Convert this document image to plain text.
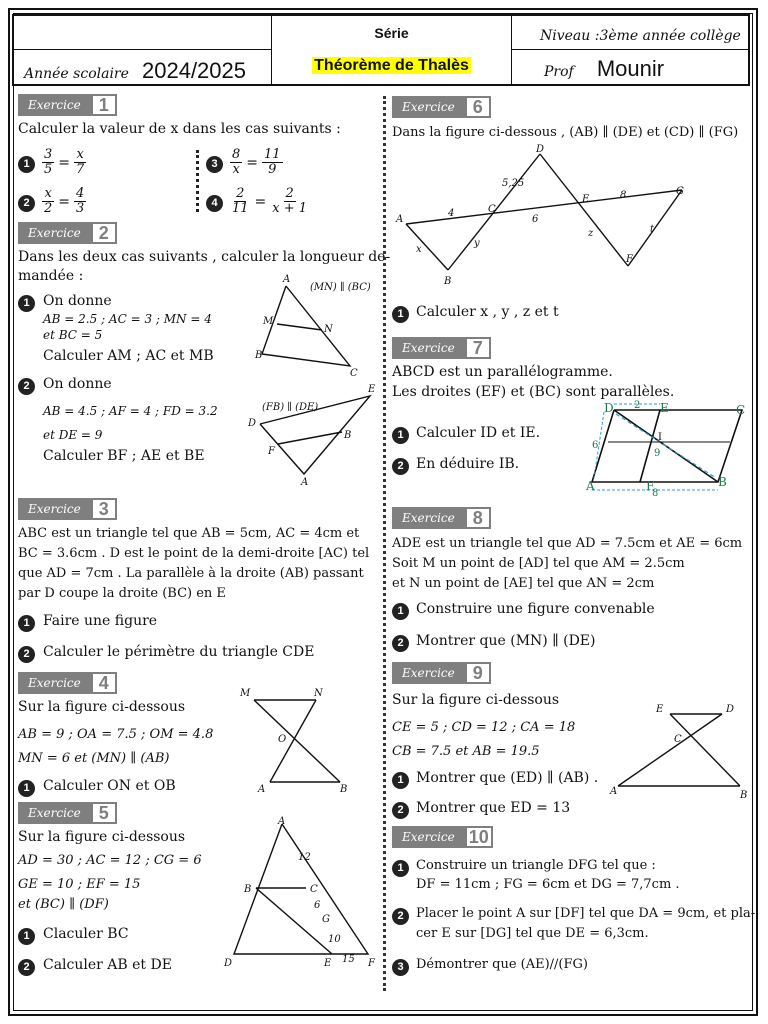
Année scolaire 2024/2025
Série
Théorème de Thalès
Niveau :3ème année collège
Prof Mounir
Exercice 1
Calculer la valeur de x dans les cas suivants :
$1 \frac{3}{5} = \frac{x}{7}$
$2 \frac{x}{2} = \frac{4}{3}$
$3 \frac{8}{x} = \frac{11}{9}$
$4 \frac{2}{11} = \frac{2}{x + 1}$
Exercice 2
Dans les deux cas suivants , calculer la longueur de-
mandée :
1 On donne
AB = 2.5 ; AC = 3 ; MN = 4
et BC = 5
Calculer AM ; AC et MB
2 On donne
AB = 4.5 ; AF = 4 ; FD = 3.2
et DE = 9
Calculer BF ; AE et BE
A
B
C
M
N
(MN) ∥ (BC)
D
E
F
B
A
(FB) ∥ (DE)
Exercice 3
ABC est un triangle tel que AB = 5cm, AC = 4cm et
BC = 3.6cm . D est le point de la demi-droite [AC) tel
que AD = 7cm . La parallèle à la droite (AB) passant
par D coupe la droite (BC) en E
1 Faire une figure
2 Calculer le périmètre du triangle CDE
Exercice 4
Sur la figure ci-dessous
AB = 9 ; OA = 7.5 ; OM = 4.8
MN = 6 et (MN) ∥ (AB)
1 Calculer ON et OB
M	N
O
A	B
Exercice 5
Sur la figure ci-dessous
AD = 30 ; AC = 12 ; CG = 6
GE = 10 ; EF = 15
et (BC) ∥ (DF)
1 Claculer BC
2 Calculer AB et DE
A
B	C
D	E	F
G
12
6
10
15
Exercice 6
Dans la figure ci-dessous , (AB) ∥ (DE) et (CD) ∥ (FG)
A
B
C
D
E
F
G
x
y
z	t
5,25
4
6
8
1 Calculer x , y , z et t
Exercice 7
ABCD est un parallélogramme.
Les droites (EF) et (BC) sont parallèles.
1 Calculer ID et IE.
2 En déduire IB.
D	E	C
A	F	B
I
2
6
9
8
Exercice 8
ADE est un triangle tel que AD = 7.5cm et AE = 6cm
Soit M un point de [AD] tel que AM = 2.5cm
et N un point de [AE] tel que AN = 2cm
1 Construire une figure convenable
2 Montrer que (MN) ∥ (DE)
Exercice 9
Sur la figure ci-dessous
CE = 5 ; CD = 12 ; CA = 18
CB = 7.5 et AB = 19.5
1 Montrer que (ED) ∥ (AB) .
2 Montrer que ED = 13
E	D
C
A	B
Exercice 10
1 Construire un triangle DFG tel que :
DF = 11cm ; FG = 6cm et DG = 7,7cm .
2 Placer le point A sur [DF] tel que DA = 9cm, et pla-
cer E sur [DG] tel que DE = 6,3cm.
3 Démontrer que (AE)//(FG)
